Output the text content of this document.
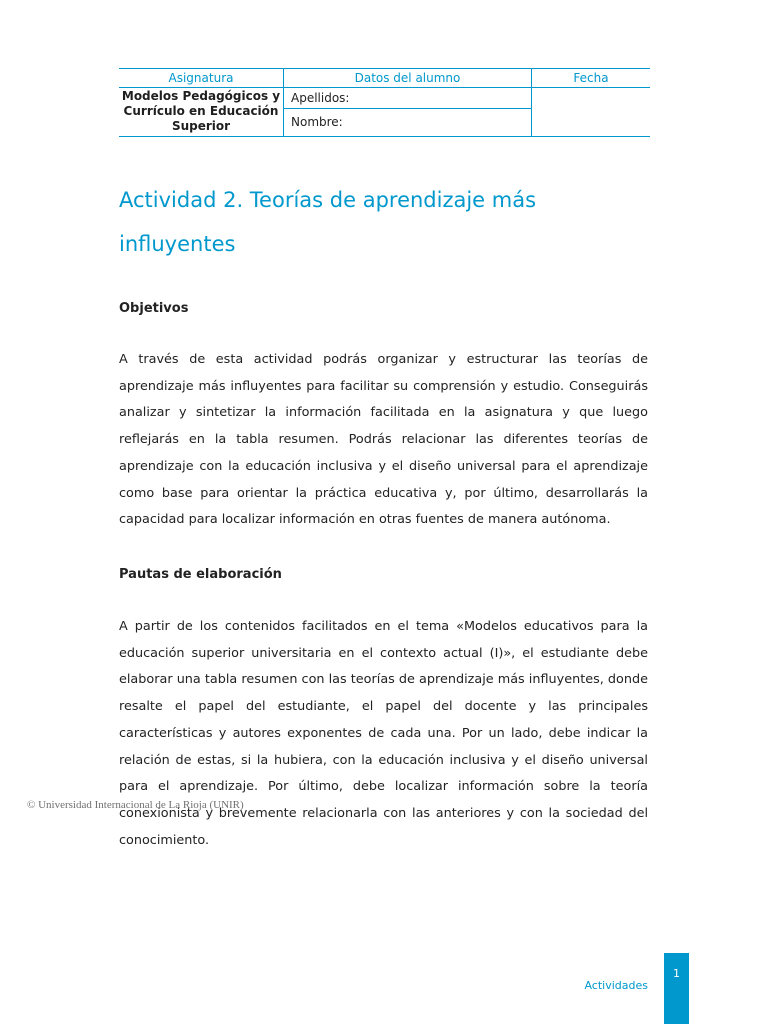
Asignatura	Datos del alumno	Fecha

Modelos Pedagógicos y
Currículo en Educación
Superior	Apellidos:	
	Nombre:	
Actividad 2. Teorías de aprendizaje más
influyentes
Objetivos

A través de esta actividad podrás organizar y estructurar las teorías de aprendizaje más influyentes para facilitar su comprensión y estudio. Conseguirás analizar y sintetizar la información facilitada en la asignatura y que luego reflejarás en la tabla resumen. Podrás relacionar las diferentes teorías de aprendizaje con la educación inclusiva y el diseño universal para el aprendizaje como base para orientar la práctica educativa y, por último, desarrollarás la capacidad para localizar información en otras fuentes de manera autónoma.

Pautas de elaboración

A partir de los contenidos facilitados en el tema «Modelos educativos para la educación superior universitaria en el contexto actual (I)», el estudiante debe elaborar una tabla resumen con las teorías de aprendizaje más influyentes, donde resalte el papel del estudiante, el papel del docente y las principales características y autores exponentes de cada una. Por un lado, debe indicar la relación de estas, si la hubiera, con la educación inclusiva y el diseño universal para el aprendizaje. Por último, debe localizar información sobre la teoría conexionista y brevemente relacionarla con las anteriores y con la sociedad del conocimiento.

© Universidad Internacional de La Rioja (UNIR)
Actividades
1
